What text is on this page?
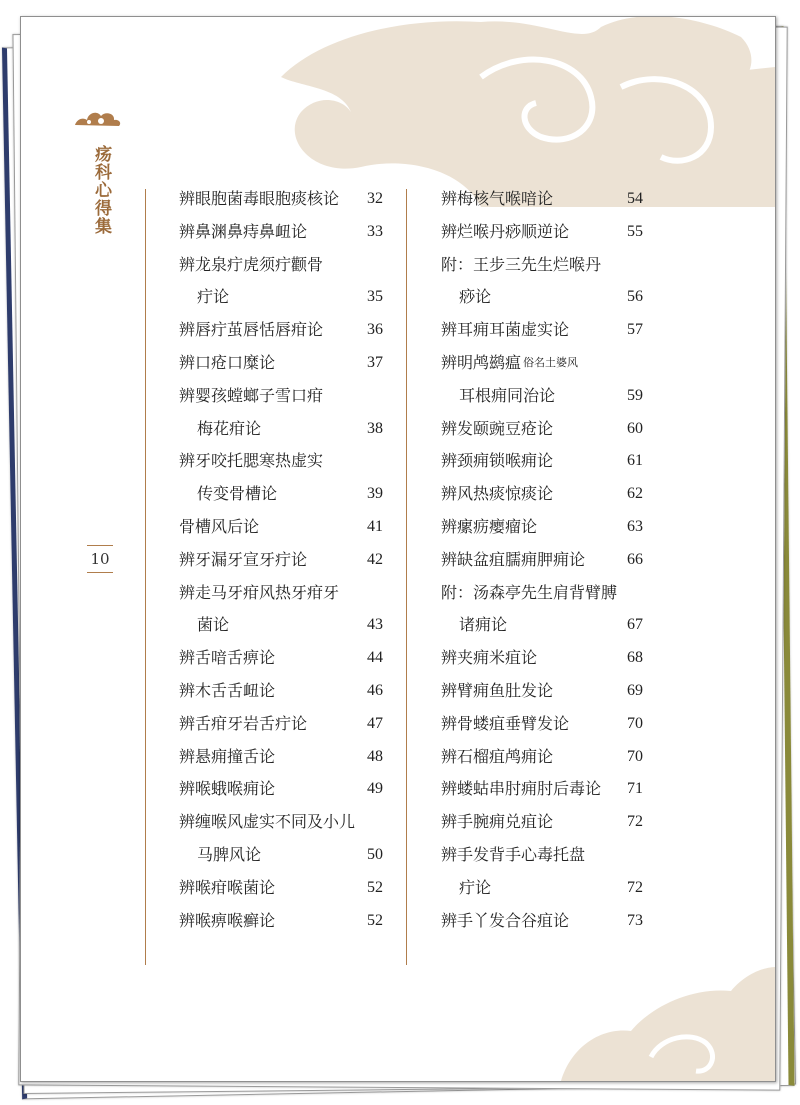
疡科心得集
10
辨眼胞菌毒眼胞痰核论 32
辨鼻渊鼻痔鼻衄论	33
辨龙泉疔虎须疔颧骨
疔论	35
辨唇疔茧唇恬唇疳论	36
辨口疮口糜论	37
辨婴孩螳螂子雪口疳
梅花疳论	38
辨牙咬托腮寒热虚实
传变骨槽论	39
骨槽风后论	41
辨牙漏牙宣牙疔论	42
辨走马牙疳风热牙疳牙
菌论	43
辨舌喑舌痹论	44
辨木舌舌衄论	46
辨舌疳牙岩舌疔论	47
辨悬痈撞舌论	48
辨喉蛾喉痈论	49
辨缠喉风虚实不同及小儿
马脾风论	50
辨喉疳喉菌论	52
辨喉痹喉癣论	52
辨梅核气喉喑论	54
辨烂喉丹痧顺逆论	55
附：王步三先生烂喉丹
痧论	56
辨耳痈耳菌虚实论	57
辨明鸬鹚瘟 俗名土婆风
耳根痈同治论	59
辨发颐豌豆疮论	60
辨颈痈锁喉痈论	61
辨风热痰惊痰论	62
辨瘰疬瘿瘤论	63
辨缺盆疽臑痈胛痈论	66
附：汤森亭先生肩背臂膊
诸痈论	67
辨夹痈米疽论	68
辨臂痈鱼肚发论	69
辨骨蝼疽垂臂发论	70
辨石榴疽鸬痈论	70
辨蝼蛄串肘痈肘后毒论 71
辨手腕痈兑疽论	72
辨手发背手心毒托盘
疔论	72
辨手丫发合谷疽论	73
